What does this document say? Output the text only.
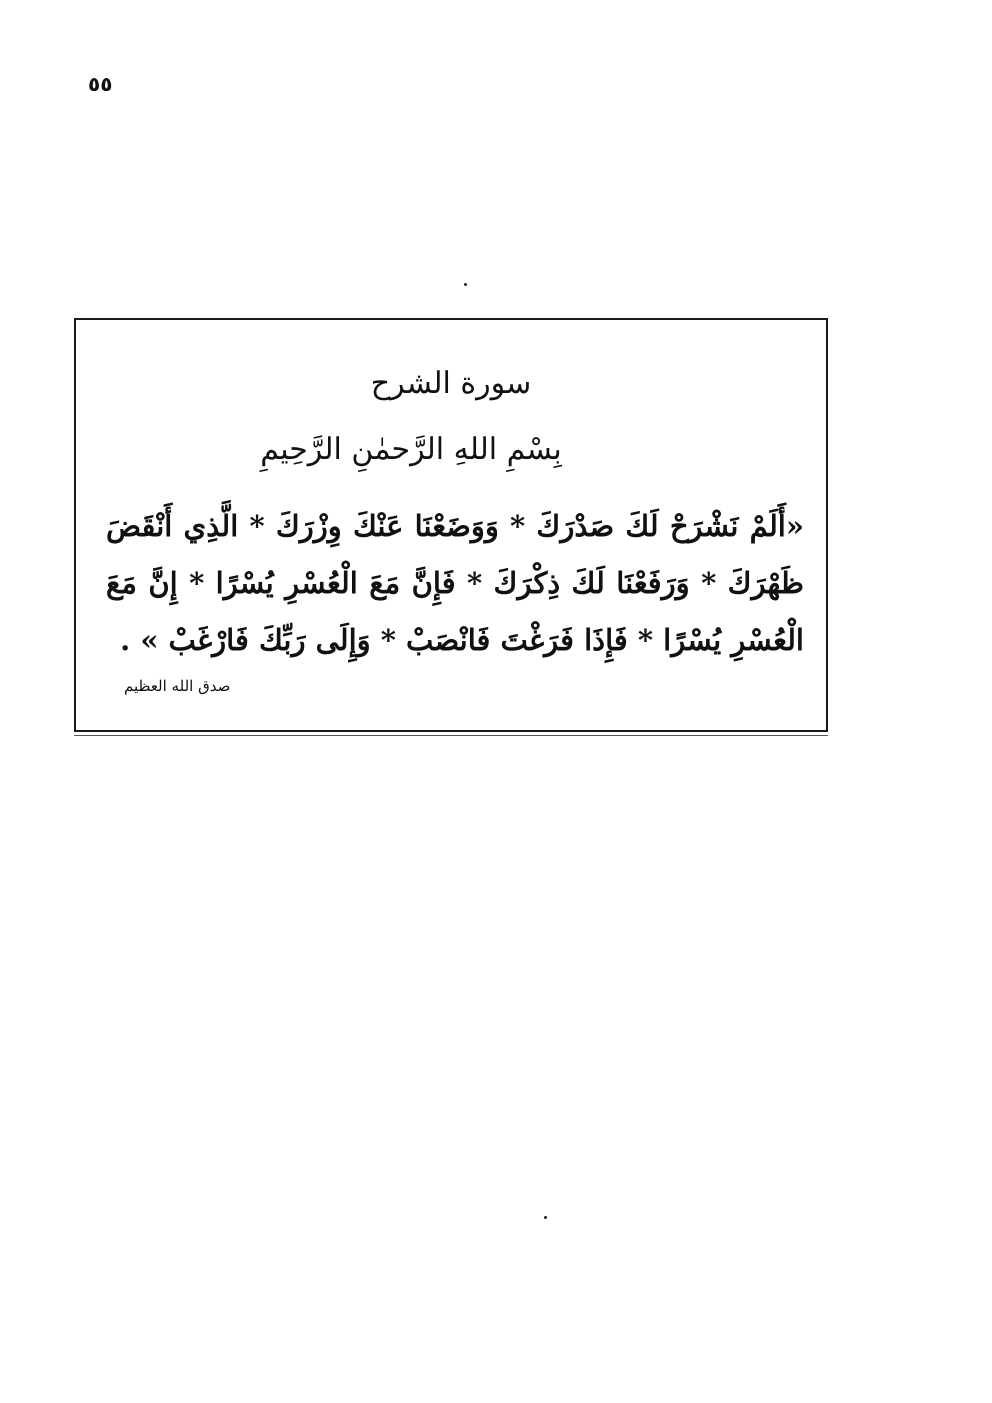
٥٥
سورة الشرح
بِسْمِ اللهِ الرَّحمٰنِ الرَّحِيمِ
«أَلَمْ نَشْرَحْ لَكَ صَدْرَكَ * وَوَضَعْنَا عَنْكَ وِزْرَكَ * الَّذِي أَنْقَضَ ظَهْرَكَ * وَرَفَعْنَا لَكَ ذِكْرَكَ * فَإِنَّ مَعَ الْعُسْرِ يُسْرًا * إِنَّ مَعَ الْعُسْرِ يُسْرًا * فَإِذَا فَرَغْتَ فَانْصَبْ * وَإِلَى رَبِّكَ فَارْغَبْ » .
صدق الله العظيم
